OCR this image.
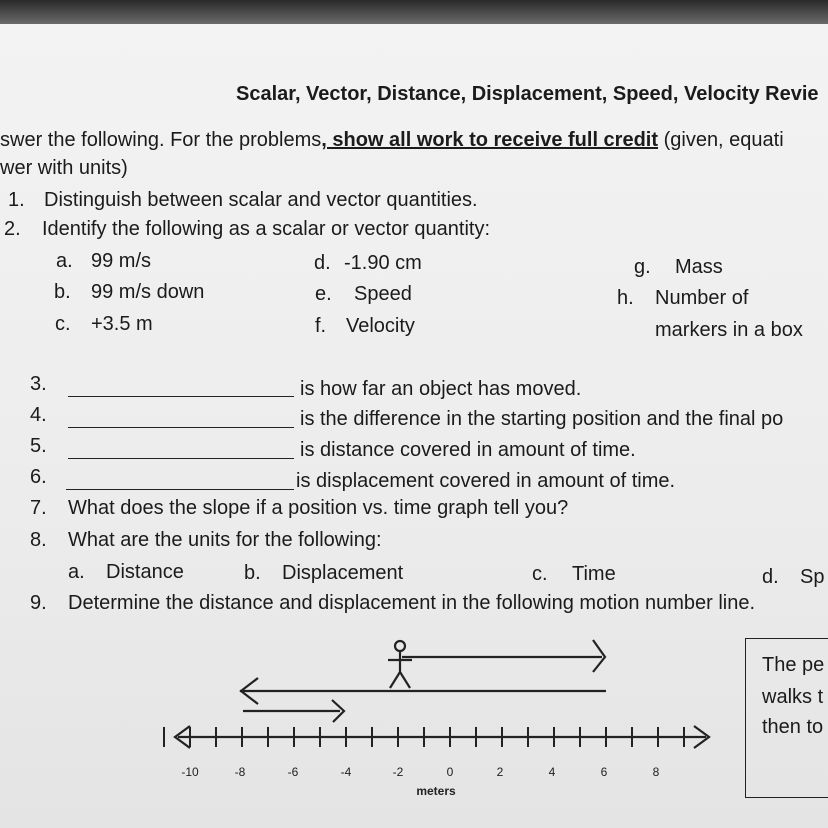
Scalar, Vector, Distance, Displacement, Speed, Velocity Revie
swer the following. For the problems, show all work to receive full credit (given, equati
wer with units)
1. Distinguish between scalar and vector quantities.
2. Identify the following as a scalar or vector quantity:
a. 99 m/s
b. 99 m/s down
c. +3.5 m
d. -1.90 cm
e. Speed
f. Velocity
g. Mass
h. Number of
markers in a box
3.	is how far an object has moved.
4.	is the difference in the starting position and the final po
5.	is distance covered in amount of time.
6.	is displacement covered in amount of time.
7. What does the slope if a position vs. time graph tell you?
8. What are the units for the following:
a. Distance	b. Displacement	c. Time	d. Sp
9. Determine the distance and displacement in the following motion number line.
-10	-8	-6	-4	-2	0	2	4	6	8
meters
The pe
walks t
then to
